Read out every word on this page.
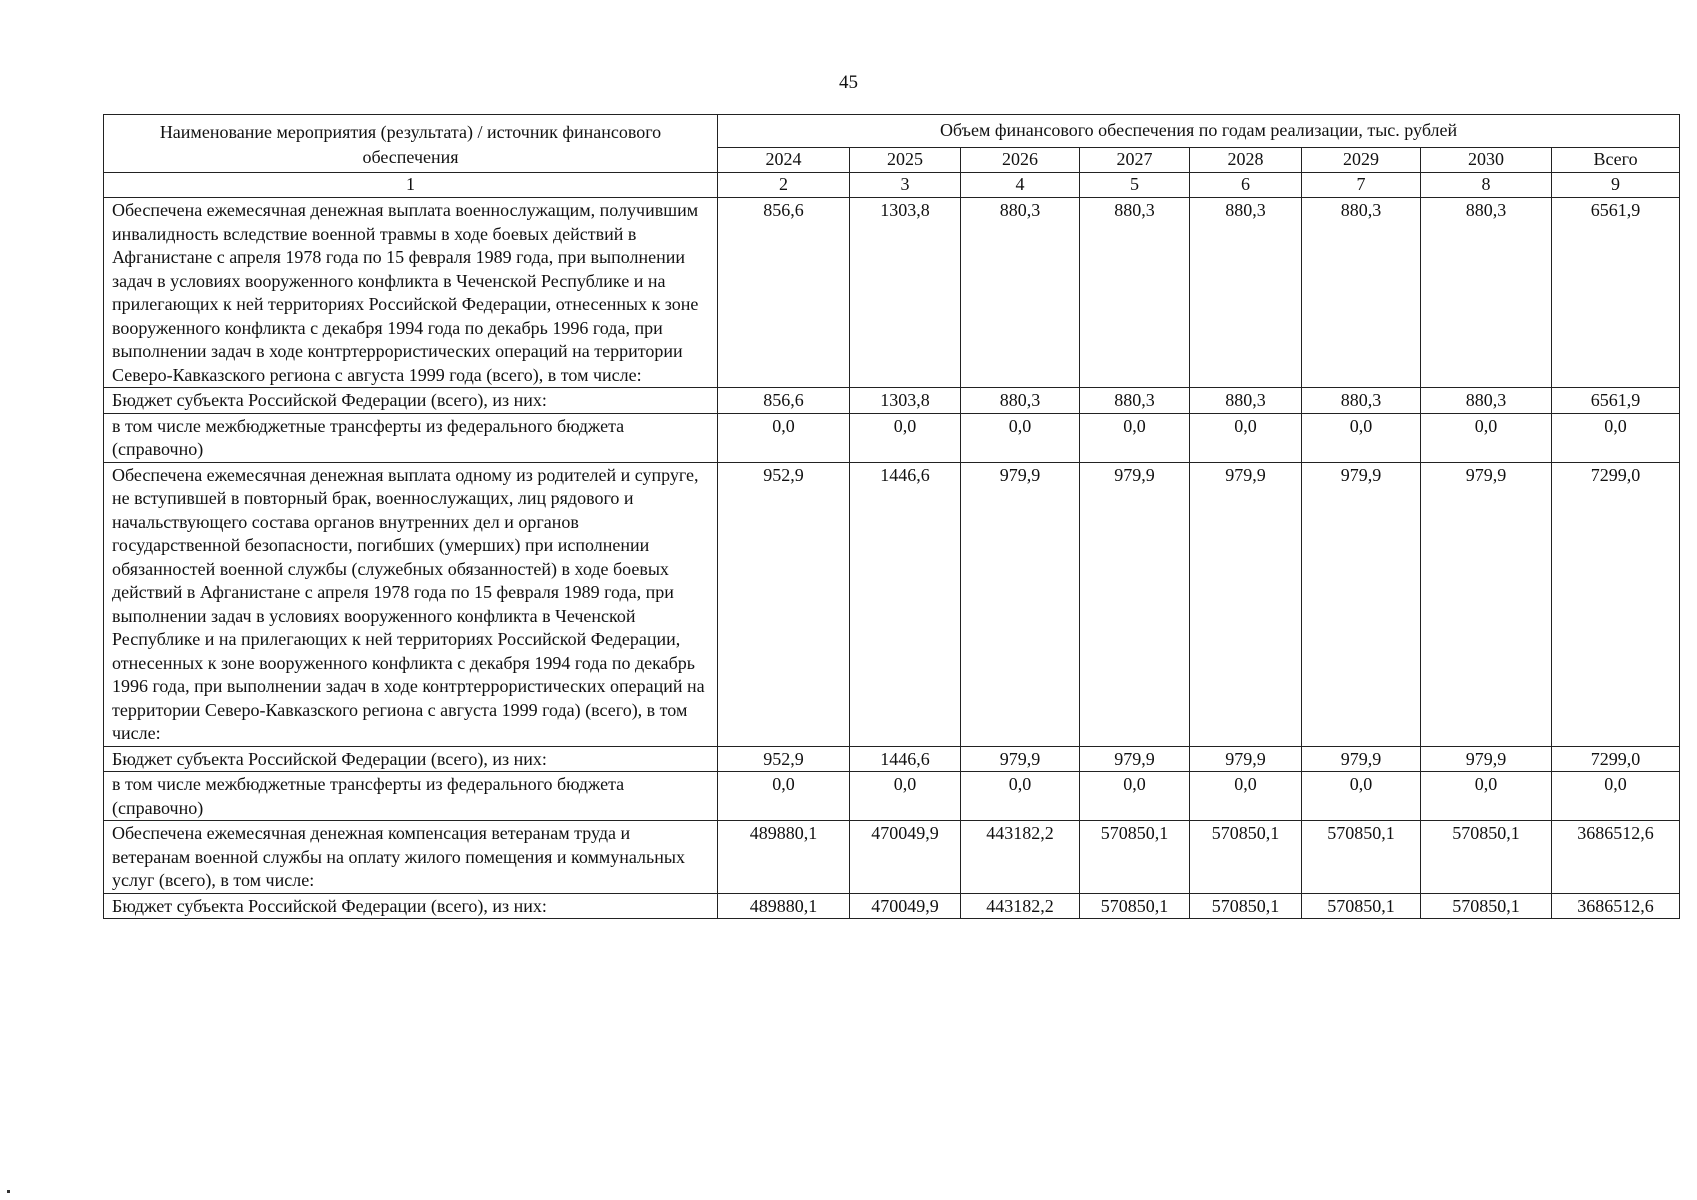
45
Наименование мероприятия (результата) / источник финансового обеспечения	Объем финансового обеспечения по годам реализации, тыс. рублей							
	2024	2025	2026	2027	2028	2029	2030	Всего
1	2	3	4	5	6	7	8	9
Обеспечена ежемесячная денежная выплата военнослужащим, получившим инвалидность вследствие военной травмы в ходе боевых действий в Афганистане с апреля 1978 года по 15 февраля 1989 года, при выполнении задач в условиях вооруженного конфликта в Чеченской Республике и на прилегающих к ней территориях Российской Федерации, отнесенных к зоне вооруженного конфликта с декабря 1994 года по декабрь 1996 года, при выполнении задач в ходе контртеррористических операций на территории Северо-Кавказского региона с августа 1999 года (всего), в том числе:	856,6	1303,8	880,3	880,3	880,3	880,3	880,3	6561,9
Бюджет субъекта Российской Федерации (всего), из них:	856,6	1303,8	880,3	880,3	880,3	880,3	880,3	6561,9
в том числе межбюджетные трансферты из федерального бюджета (справочно)	0,0	0,0	0,0	0,0	0,0	0,0	0,0	0,0
Обеспечена ежемесячная денежная выплата одному из родителей и супруге, не вступившей в повторный брак, военнослужащих, лиц рядового и начальствующего состава органов внутренних дел и органов государственной безопасности, погибших (умерших) при исполнении обязанностей военной службы (служебных обязанностей) в ходе боевых действий в Афганистане с апреля 1978 года по 15 февраля 1989 года, при выполнении задач в условиях вооруженного конфликта в Чеченской Республике и на прилегающих к ней территориях Российской Федерации, отнесенных к зоне вооруженного конфликта с декабря 1994 года по декабрь 1996 года, при выполнении задач в ходе контртеррористических операций на территории Северо-Кавказского региона с августа 1999 года) (всего), в том числе:	952,9	1446,6	979,9	979,9	979,9	979,9	979,9	7299,0
Бюджет субъекта Российской Федерации (всего), из них:	952,9	1446,6	979,9	979,9	979,9	979,9	979,9	7299,0
в том числе межбюджетные трансферты из федерального бюджета (справочно)	0,0	0,0	0,0	0,0	0,0	0,0	0,0	0,0
Обеспечена ежемесячная денежная компенсация ветеранам труда и ветеранам военной службы на оплату жилого помещения и коммунальных услуг (всего), в том числе:	489880,1	470049,9	443182,2	570850,1	570850,1	570850,1	570850,1	3686512,6
Бюджет субъекта Российской Федерации (всего), из них:	489880,1	470049,9	443182,2	570850,1	570850,1	570850,1	570850,1	3686512,6
